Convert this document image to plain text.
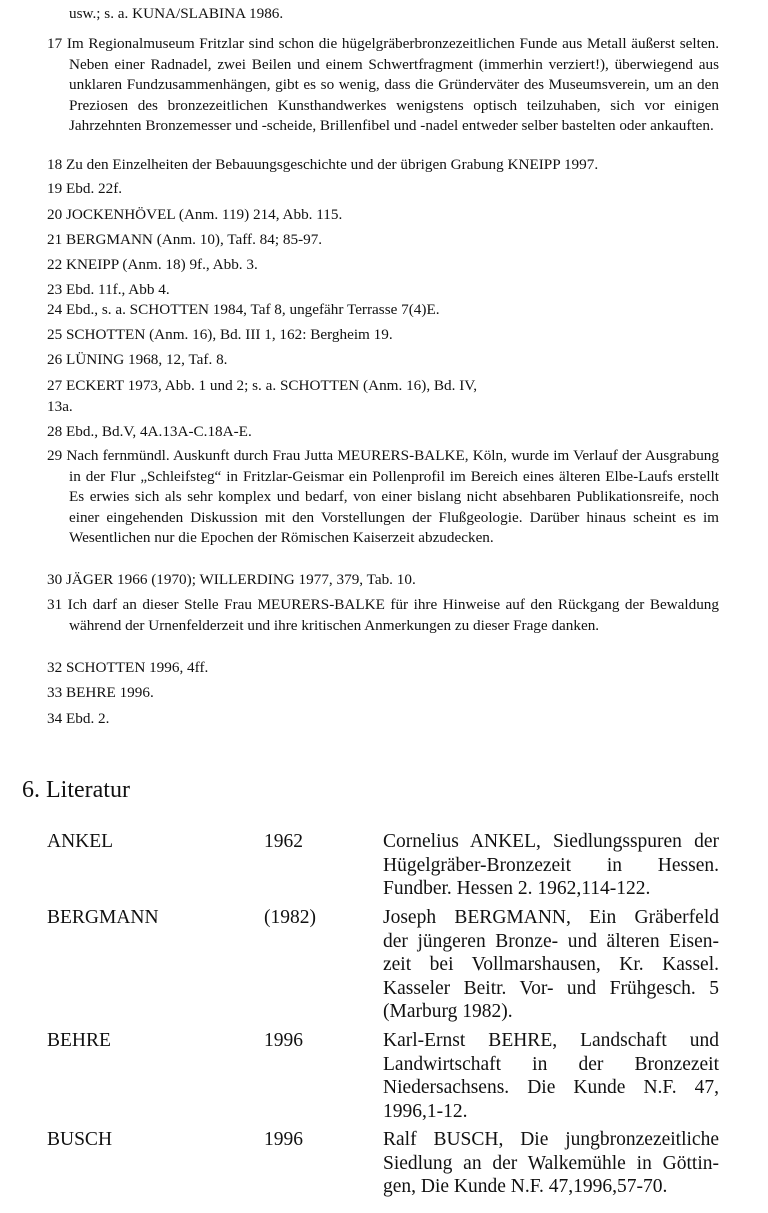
usw.; s. a. KUNA/SLABINA 1986.
17 Im Regionalmuseum Fritzlar sind schon die hügelgräberbronzezeitlichen Funde aus Metall äußerst selten. Neben einer Radnadel, zwei Beilen und einem Schwertfragment (immerhin verziert!), überwiegend aus unklaren Fundzusammenhängen, gibt es so wenig, dass die Gründerväter des Museumsverein, um an den Preziosen des bronzezeitlichen Kunsthandwerkes wenigstens optisch teilzuhaben, sich vor einigen Jahrzehnten Bronzemesser und -scheide, Brillenfibel und -nadel entweder selber bastelten oder ankauften.
18 Zu den Einzelheiten der Bebauungsgeschichte und der übrigen Grabung KNEIPP 1997.
19 Ebd. 22f.
20 JOCKENHÖVEL (Anm. 119) 214, Abb. 115.
21 BERGMANN (Anm. 10), Taff. 84; 85-97.
22 KNEIPP (Anm. 18) 9f., Abb. 3.
23 Ebd. 11f., Abb 4.
24 Ebd., s. a. SCHOTTEN 1984, Taf 8, ungefähr Terrasse 7(4)E.
25 SCHOTTEN (Anm. 16), Bd. III 1, 162: Bergheim 19.
26 LÜNING 1968, 12, Taf. 8.
27 ECKERT 1973, Abb. 1 und 2; s. a. SCHOTTEN (Anm. 16), Bd. IV,
13a.
28 Ebd., Bd.V, 4A.13A-C.18A-E.
29 Nach fernmündl. Auskunft durch Frau Jutta MEURERS-BALKE, Köln, wurde im Verlauf der Ausgrabung in der Flur „Schleifsteg“ in Fritzlar-Geismar ein Pollenprofil im Bereich eines älteren Elbe-Laufs erstellt Es erwies sich als sehr komplex und bedarf, von einer bislang nicht absehbaren Publikationsreife, noch einer eingehenden Diskussion mit den Vorstellungen der Flußgeologie. Darüber hinaus scheint es im Wesentlichen nur die Epochen der Römischen Kaiserzeit abzudecken.
30 JÄGER 1966 (1970); WILLERDING 1977, 379, Tab. 10.
31 Ich darf an dieser Stelle Frau MEURERS-BALKE für ihre Hinweise auf den Rückgang der Bewaldung während der Urnenfelderzeit und ihre kritischen Anmerkungen zu dieser Frage danken.
32 SCHOTTEN 1996, 4ff.
33 BEHRE 1996.
34 Ebd. 2.
6. Literatur
ANKEL	1962	Cornelius ANKEL, Siedlungsspuren der
Hügelgräber-Bronzezeit in Hessen.
Fundber. Hessen 2. 1962,114-122.
BERGMANN	(1982)	Joseph BERGMANN, Ein Gräberfeld
der jüngeren Bronze- und älteren Eisen-
zeit bei Vollmarshausen, Kr. Kassel.
Kasseler Beitr. Vor- und Frühgesch. 5
(Marburg 1982).
BEHRE	1996	Karl-Ernst BEHRE, Landschaft und
Landwirtschaft in der Bronzezeit
Niedersachsens. Die Kunde N.F. 47,
1996,1-12.
BUSCH	1996	Ralf BUSCH, Die jungbronzezeitliche
Siedlung an der Walkemühle in Göttin-
gen, Die Kunde N.F. 47,1996,57-70.
